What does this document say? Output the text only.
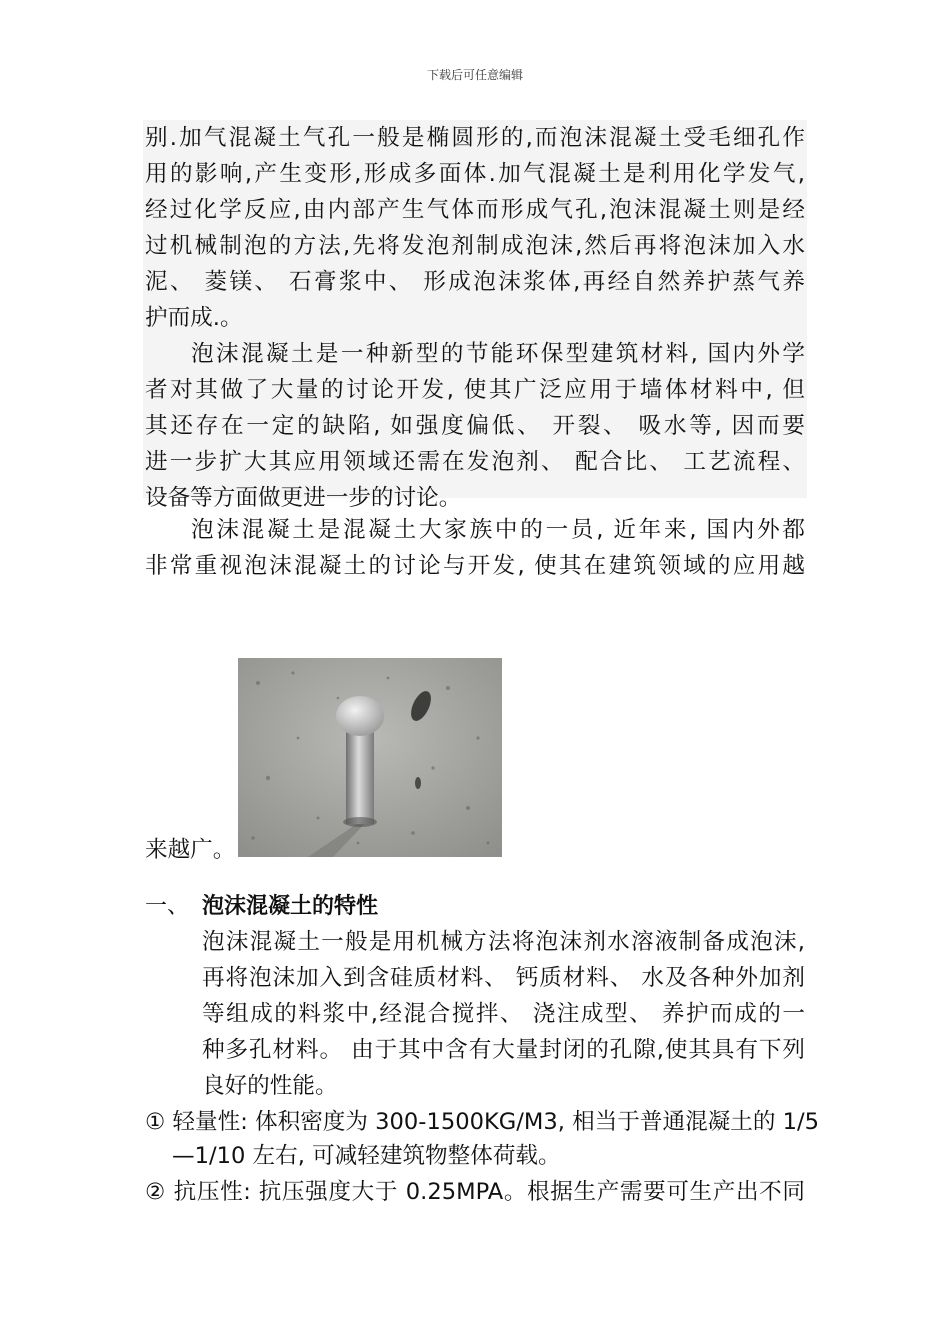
下载后可任意编辑
别.加气混凝土气孔一般是椭圆形的,而泡沫混凝土受毛细孔作
用的影响,产生变形,形成多面体.加气混凝土是利用化学发气,
经过化学反应,由内部产生气体而形成气孔,泡沫混凝土则是经
过机械制泡的方法,先将发泡剂制成泡沫,然后再将泡沫加入水
泥、 菱镁、 石膏浆中、 形成泡沫浆体,再经自然养护蒸气养
护而成.。
泡沫混凝土是一种新型的节能环保型建筑材料, 国内外学
者对其做了大量的讨论开发, 使其广泛应用于墙体材料中, 但
其还存在一定的缺陷, 如强度偏低、 开裂、 吸水等, 因而要
进一步扩大其应用领域还需在发泡剂、 配合比、 工艺流程、
设备等方面做更进一步的讨论。
泡沫混凝土是混凝土大家族中的一员, 近年来, 国内外都
非常重视泡沫混凝土的讨论与开发, 使其在建筑领域的应用越
来越广。
一、 泡沫混凝土的特性
泡沫混凝土一般是用机械方法将泡沫剂水溶液制备成泡沫,
再将泡沫加入到含硅质材料、 钙质材料、 水及各种外加剂
等组成的料浆中,经混合搅拌、 浇注成型、 养护而成的一
种多孔材料。 由于其中含有大量封闭的孔隙,使其具有下列
良好的性能。
① 轻量性: 体积密度为 300-1500KG/M3, 相当于普通混凝土的 1/5
—1/10 左右, 可减轻建筑物整体荷载。
② 抗压性: 抗压强度大于 0.25MPA。根据生产需要可生产出不同
